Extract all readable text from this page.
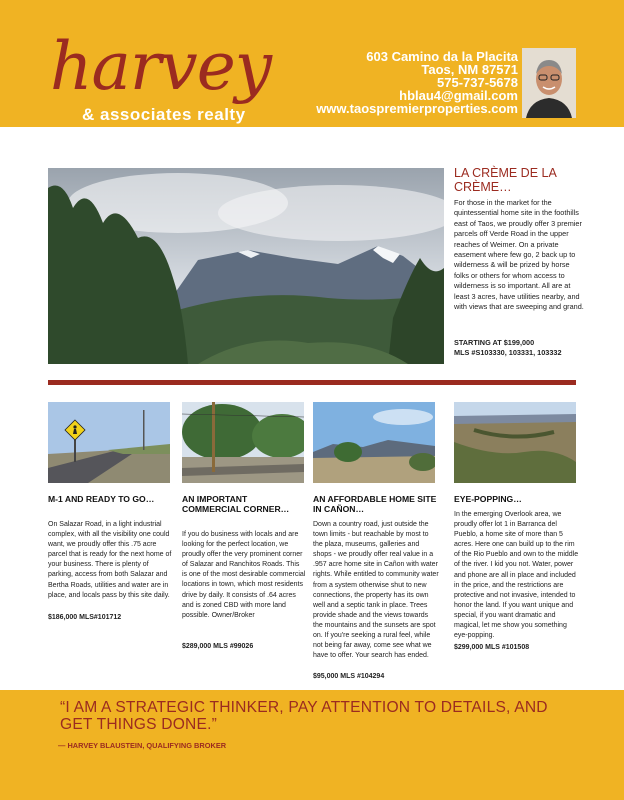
harvey
& associates realty
603 Camino da la Placita
Taos, NM 87571
575-737-5678
hblau4@gmail.com
www.taospremierproperties.com
LA CRÈME DE LA CRÈME…
For those in the market for the quintessential home site in the foothills east of Taos, we proudly offer 3 premier parcels off Verde Road in the upper reaches of Weimer. On a private easement where few go, 2 back up to wilderness & will be prized by horse folks or others for whom access to wilderness is so important. All are at least 3 acres, have utilities nearby, and with views that are sweeping and grand.
STARTING AT $199,000
MLS #S103330, 103331, 103332
M-1 AND READY TO GO…
On Salazar Road, in a light industrial complex, with all the visibility one could want, we proudly offer this .75 acre parcel that is ready for the next home of your business. There is plenty of parking, access from both Salazar and Bertha Roads, utilities and water are in place, and locals pass by this site daily.
$186,000 MLS#101712
AN IMPORTANT COMMERCIAL CORNER…
If you do business with locals and are looking for the perfect location, we proudly offer the very prominent corner of Salazar and Ranchitos Roads. This is one of the most desirable commercial locations in town, which most residents drive by daily. It consists of .64 acres and is zoned CBD with more land possible. Owner/Broker
$289,000 MLS #99026
AN AFFORDABLE HOME SITE IN CAÑON…
Down a country road, just outside the town limits - but reachable by most to the plaza, museums, galleries and shops - we proudly offer real value in a .957 acre home site in Cañon with water rights. While entitled to community water from a system otherwise shut to new connections, the property has its own well and a septic tank in place. Trees provide shade and the views towards the mountains and the sunsets are spot on. If you're seeking a rural feel, while not being far away, come see what we have to offer. Your search has ended.
$95,000 MLS #104294
EYE-POPPING…
In the emerging Overlook area, we proudly offer lot 1 in Barranca del Pueblo, a home site of more than 5 acres. Here one can build up to the rim of the Rio Pueblo and own to the middle of the river. I kid you not. Water, power and phone are all in place and included in the price, and the restrictions are protective and not invasive, intended to honor the land. If you want unique and special, if you want dramatic and magical, let me show you something eye-popping.
$299,000 MLS #101508
“I AM A STRATEGIC THINKER, PAY ATTENTION TO DETAILS, AND GET THINGS DONE.”
— HARVEY BLAUSTEIN, QUALIFYING BROKER
